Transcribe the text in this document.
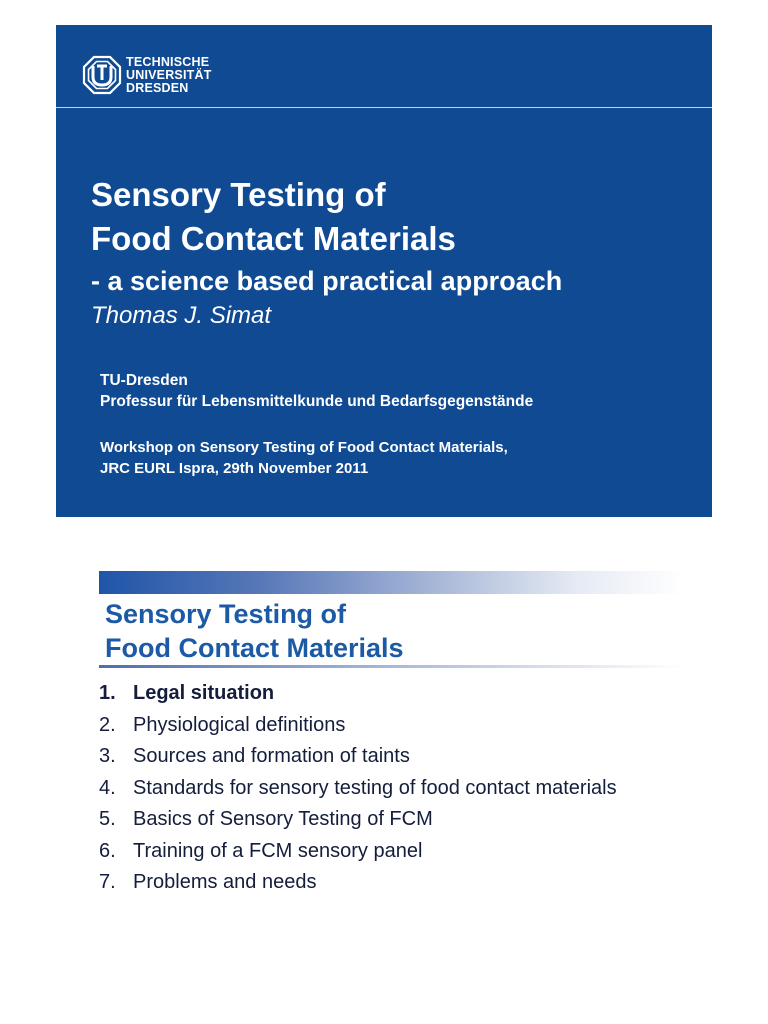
TECHNISCHE
UNIVERSITÄT
DRESDEN
Sensory Testing of
Food Contact Materials
- a science based practical approach
Thomas J. Simat
TU-Dresden
Professur für Lebensmittelkunde und Bedarfsgegenstände
Workshop on Sensory Testing of Food Contact Materials,
JRC EURL Ispra, 29th November 2011
Sensory Testing of
Food Contact Materials
1. Legal situation
2. Physiological definitions
3. Sources and formation of taints
4. Standards for sensory testing of food contact materials
5. Basics of Sensory Testing of FCM
6. Training of a FCM sensory panel
7. Problems and needs
